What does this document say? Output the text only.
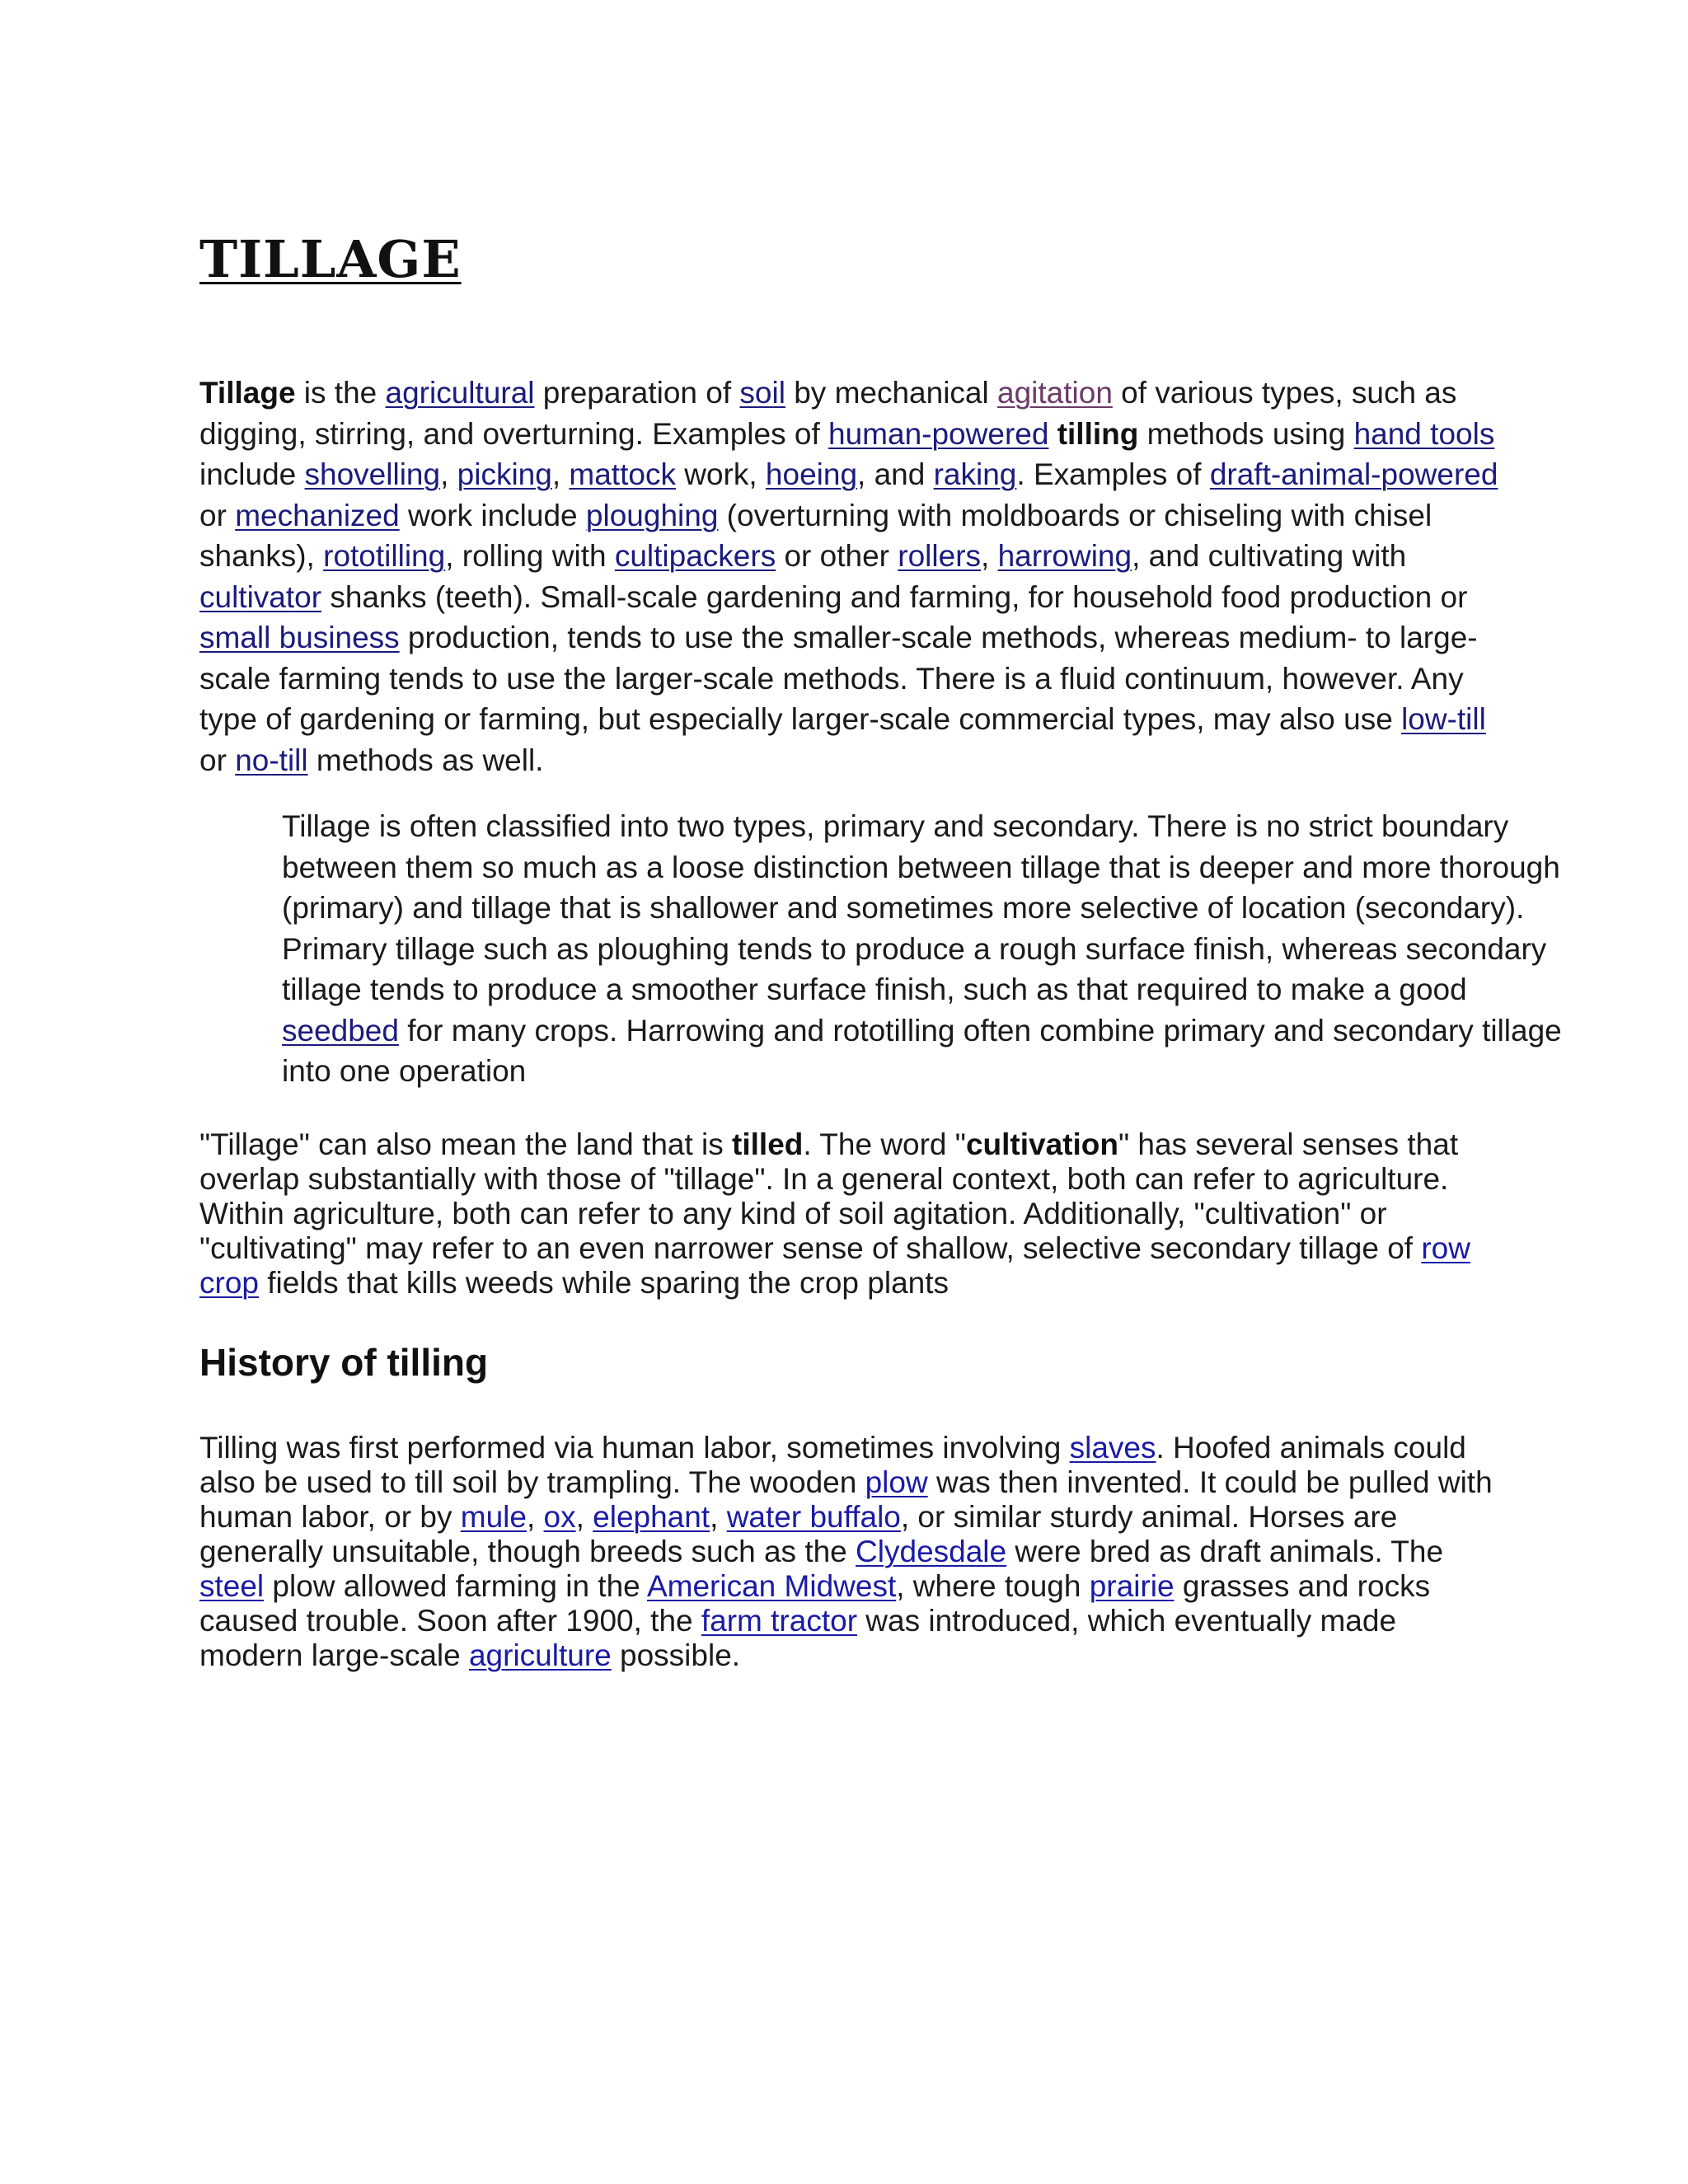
TILLAGE

Tillage is the agricultural preparation of soil by mechanical agitation of various types, such as digging, stirring, and overturning. Examples of human-powered tilling methods using hand tools include shovelling, picking, mattock work, hoeing, and raking. Examples of draft-animal-powered or mechanized work include ploughing (overturning with moldboards or chiseling with chisel shanks), rototilling, rolling with cultipackers or other rollers, harrowing, and cultivating with cultivator shanks (teeth). Small-scale gardening and farming, for household food production or small business production, tends to use the smaller-scale methods, whereas medium- to large-scale farming tends to use the larger-scale methods. There is a fluid continuum, however. Any type of gardening or farming, but especially larger-scale commercial types, may also use low-till or no-till methods as well.

Tillage is often classified into two types, primary and secondary. There is no strict boundary between them so much as a loose distinction between tillage that is deeper and more thorough (primary) and tillage that is shallower and sometimes more selective of location (secondary). Primary tillage such as ploughing tends to produce a rough surface finish, whereas secondary tillage tends to produce a smoother surface finish, such as that required to make a good seedbed for many crops. Harrowing and rototilling often combine primary and secondary tillage into one operation

"Tillage" can also mean the land that is tilled. The word "cultivation" has several senses that overlap substantially with those of "tillage". In a general context, both can refer to agriculture. Within agriculture, both can refer to any kind of soil agitation. Additionally, "cultivation" or "cultivating" may refer to an even narrower sense of shallow, selective secondary tillage of row crop fields that kills weeds while sparing the crop plants

History of tilling

Tilling was first performed via human labor, sometimes involving slaves. Hoofed animals could also be used to till soil by trampling. The wooden plow was then invented. It could be pulled with human labor, or by mule, ox, elephant, water buffalo, or similar sturdy animal. Horses are generally unsuitable, though breeds such as the Clydesdale were bred as draft animals. The steel plow allowed farming in the American Midwest, where tough prairie grasses and rocks caused trouble. Soon after 1900, the farm tractor was introduced, which eventually made modern large-scale agriculture possible.
